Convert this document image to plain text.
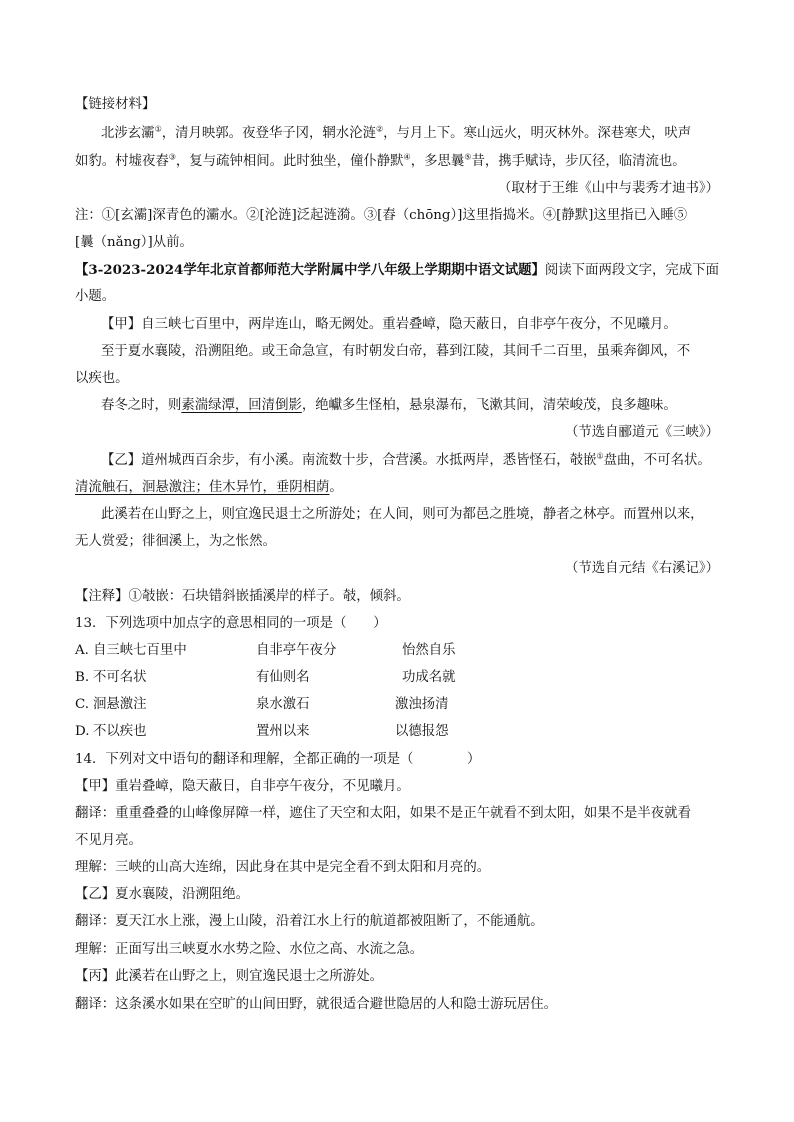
【链接材料】
北涉玄灞①，清月映郭。夜登华子冈，辋水沦涟②，与月上下。寒山远火，明灭林外。深巷寒犬，吠声
如豹。村墟夜舂③，复与疏钟相间。此时独坐，僮仆静默④，多思曩⑤昔，携手赋诗，步仄径，临清流也。
（取材于王维《山中与裴秀才迪书》）
注：①[玄灞]深青色的灞水。②[沦涟]泛起涟漪。③[舂（chōng）]这里指捣米。④[静默]这里指已入睡⑤
[曩（nǎng）]从前。
【3-2023-2024学年北京首都师范大学附属中学八年级上学期期中语文试题】阅读下面两段文字，完成下面
小题。
【甲】自三峡七百里中，两岸连山，略无阙处。重岩叠嶂，隐天蔽日，自非亭午夜分，不见曦月。
至于夏水襄陵，沿溯阻绝。或王命急宣，有时朝发白帝，暮到江陵，其间千二百里，虽乘奔御风，不
以疾也。
春冬之时，则素湍绿潭，回清倒影，绝巘多生怪柏，悬泉瀑布，飞漱其间，清荣峻茂，良多趣味。
（节选自郦道元《三峡》）
【乙】道州城西百余步，有小溪。南流数十步，合营溪。水抵两岸，悉皆怪石，攲嵌①盘曲，不可名状。
清流触石，洄悬激注；佳木异竹，垂阴相荫。
此溪若在山野之上，则宜逸民退士之所游处；在人间，则可为都邑之胜境，静者之林亭。而置州以来，
无人赏爱；徘徊溪上，为之怅然。
（节选自元结《右溪记》）
【注释】①攲嵌：石块错斜嵌插溪岸的样子。攲，倾斜。
13．下列选项中加点字的意思相同的一项是（　　）
A. 自三峡七百里中	自非亭午夜分	怡然自乐
B. 不可名状	有仙则名	功成名就
C. 洄悬激注	泉水激石	激浊扬清
D. 不以疾也	置州以来	以德报怨
14．下列对文中语句的翻译和理解，全都正确的一项是（　　　　）
【甲】重岩叠嶂，隐天蔽日，自非亭午夜分，不见曦月。
翻译：重重叠叠的山峰像屏障一样，遮住了天空和太阳，如果不是正午就看不到太阳，如果不是半夜就看
不见月亮。
理解：三峡的山高大连绵，因此身在其中是完全看不到太阳和月亮的。
【乙】夏水襄陵，沿溯阻绝。
翻译：夏天江水上涨，漫上山陵，沿着江水上行的航道都被阻断了，不能通航。
理解：正面写出三峡夏水水势之险、水位之高、水流之急。
【丙】此溪若在山野之上，则宜逸民退士之所游处。
翻译：这条溪水如果在空旷的山间田野，就很适合避世隐居的人和隐士游玩居住。
